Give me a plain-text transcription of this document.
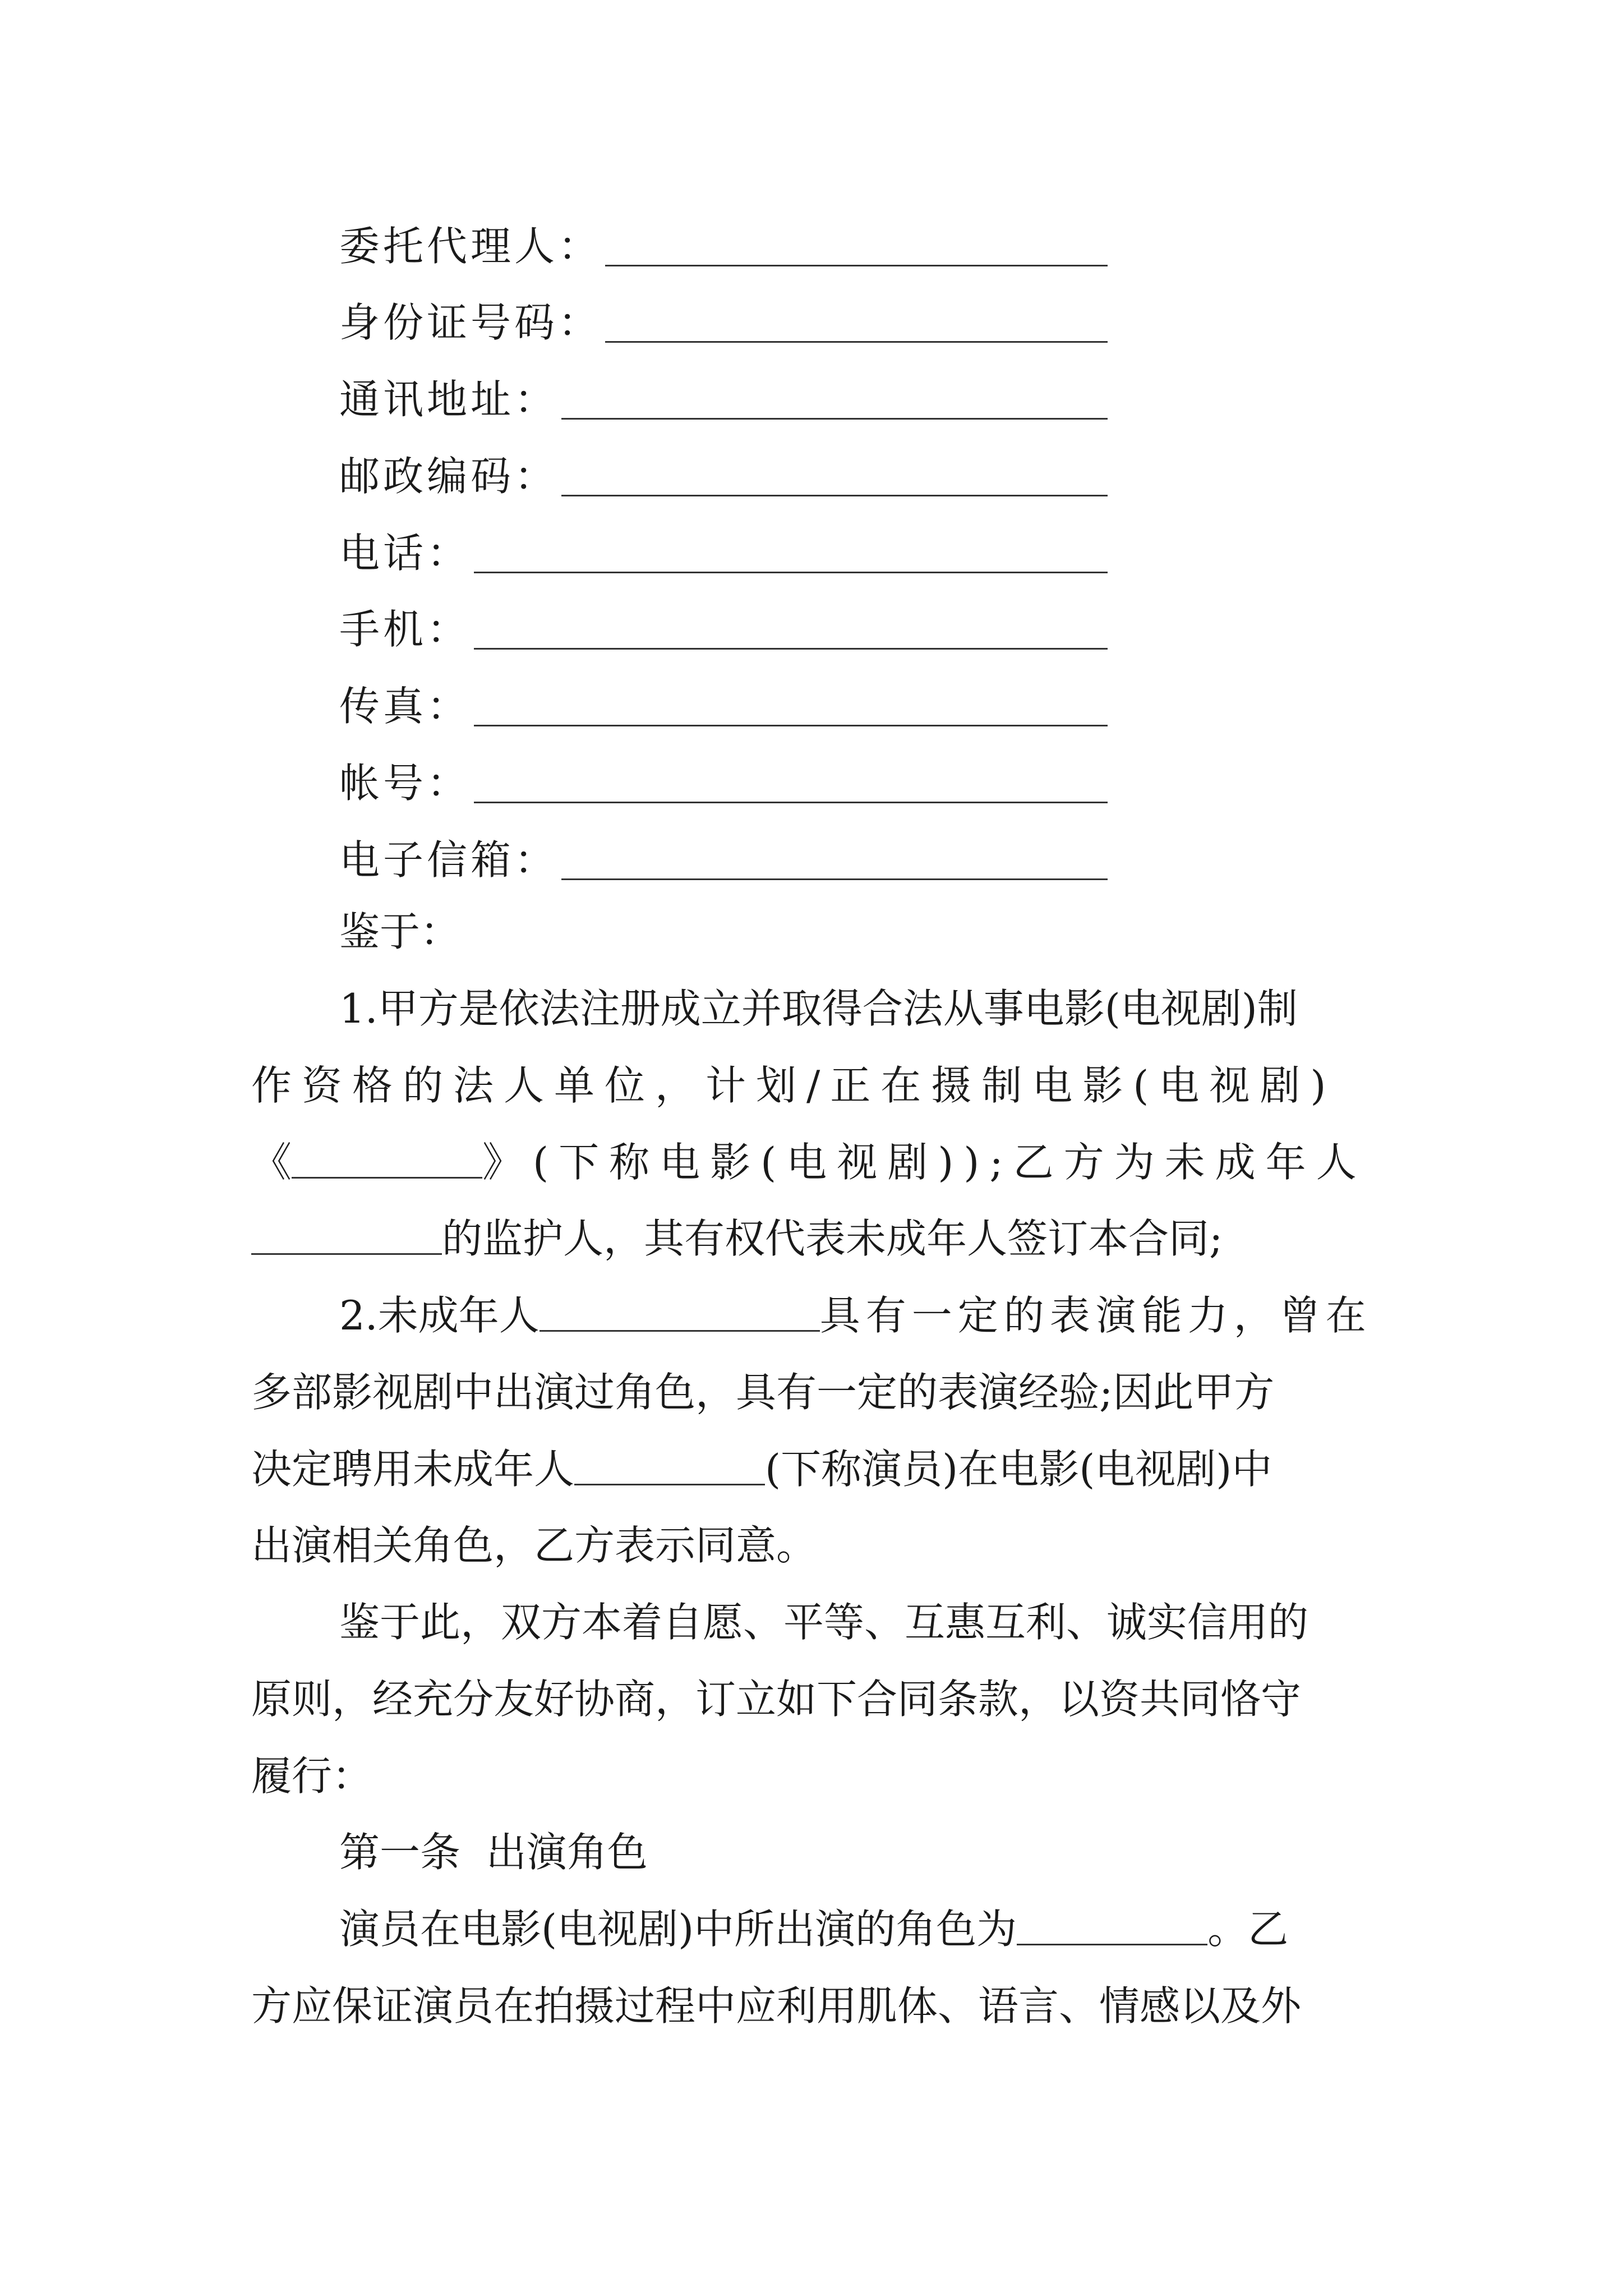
委托代理人：
身份证号码：
通讯地址：
邮政编码：
电话：
手机：
传真：
帐号：
电子信箱：
鉴于：
1.甲方是依法注册成立并取得合法从事电影(电视剧)制
作资格的法人单位，计划/正在摄制电影(电视剧)
《	》(下称电影(电视剧));乙方为未成年人
的监护人，其有权代表未成年人签订本合同;
2.未成年人	具有一定的表演能力，曾在
多部影视剧中出演过角色，具有一定的表演经验;因此甲方
决定聘用未成年人	(下称演员)在电影(电视剧)中
出演相关角色，乙方表示同意。
鉴于此，双方本着自愿、平等、互惠互利、诚实信用的
原则，经充分友好协商，订立如下合同条款，以资共同恪守
履行：
第一条  出演角色
演员在电影(电视剧)中所出演的角色为	。乙
方应保证演员在拍摄过程中应利用肌体、语言、情感以及外
